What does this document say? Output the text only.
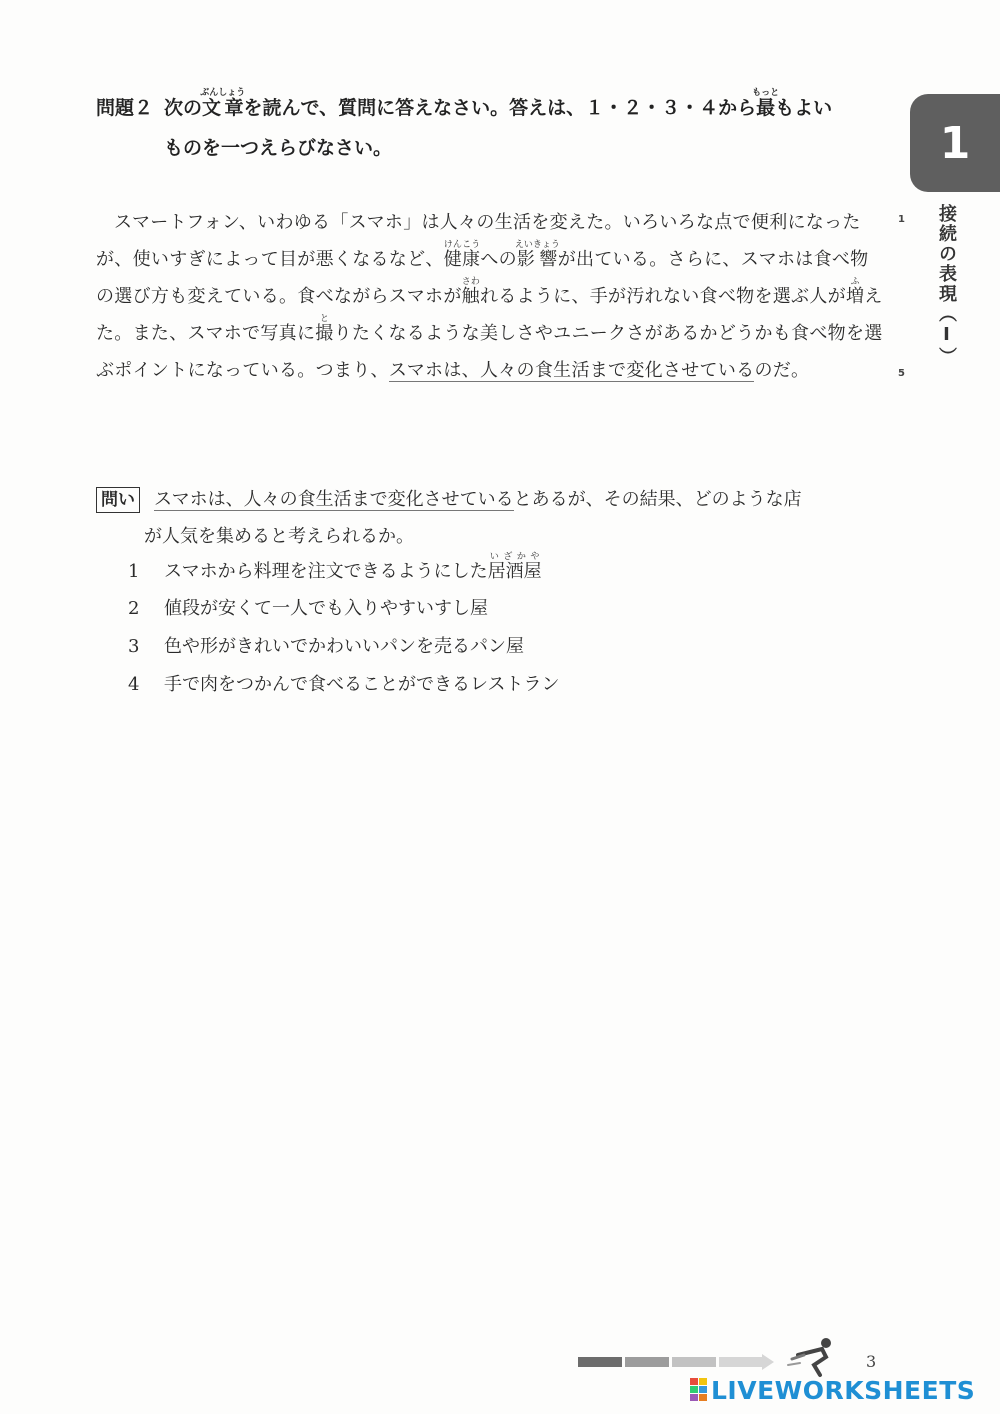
問題２ 次の文章ぶんしょうを読んで、質問に答えなさい。答えは、１・２・３・４から最もっともよい
ものを一つえらびなさい。	1
接続の表現（Ⅰ）

スマートフォン、いわゆる「スマホ」は人々の生活を変えた。いろいろな点で便利になったが、使いすぎによって目が悪くなるなど、健康けんこうへの影響えいきょうが出ている。さらに、スマホは食べ物の選び方も変えている。食べながらスマホが触さわれるように、手が汚れない食べ物を選ぶ人が増ふえた。また、スマホで写真に撮とりたくなるような美しさやユニークさがあるかどうかも食べ物を選ぶポイントになっている。つまり、スマホは、人々の食生活まで変化させているのだ。

1
5
問い スマホは、人々の食生活まで変化させているとあるが、その結果、どのような店
が人気を集めると考えられるか。
1 スマホから料理を注文できるようにした居酒屋いざかや
2 値段が安くて一人でも入りやすいすし屋
3 色や形がきれいでかわいいパンを売るパン屋
4 手で肉をつかんで食べることができるレストラン
3
LIVEWORKSHEETS
